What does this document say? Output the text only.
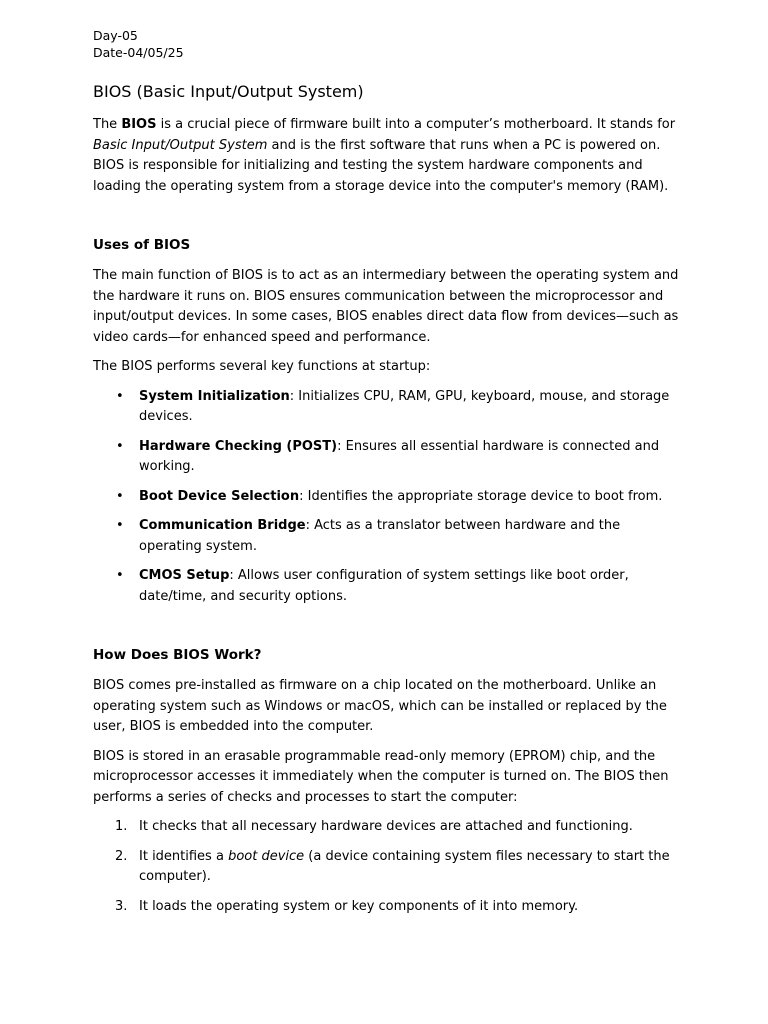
Day-05

Date-04/05/25

BIOS (Basic Input/Output System)

The BIOS is a crucial piece of firmware built into a computer’s motherboard. It stands for Basic Input/Output System and is the first software that runs when a PC is powered on. BIOS is responsible for initializing and testing the system hardware components and loading the operating system from a storage device into the computer's memory (RAM).

Uses of BIOS

The main function of BIOS is to act as an intermediary between the operating system and the hardware it runs on. BIOS ensures communication between the microprocessor and input/output devices. In some cases, BIOS enables direct data flow from devices—such as video cards—for enhanced speed and performance.

The BIOS performs several key functions at startup:

• System Initialization: Initializes CPU, RAM, GPU, keyboard, mouse, and storage devices.
• Hardware Checking (POST): Ensures all essential hardware is connected and working.
• Boot Device Selection: Identifies the appropriate storage device to boot from.
• Communication Bridge: Acts as a translator between hardware and the operating system.
• CMOS Setup: Allows user configuration of system settings like boot order, date/time, and security options.
How Does BIOS Work?

BIOS comes pre-installed as firmware on a chip located on the motherboard. Unlike an operating system such as Windows or macOS, which can be installed or replaced by the user, BIOS is embedded into the computer.

BIOS is stored in an erasable programmable read-only memory (EPROM) chip, and the microprocessor accesses it immediately when the computer is turned on. The BIOS then performs a series of checks and processes to start the computer:

1. It checks that all necessary hardware devices are attached and functioning.
2. It identifies a boot device (a device containing system files necessary to start the computer).
3. It loads the operating system or key components of it into memory.
